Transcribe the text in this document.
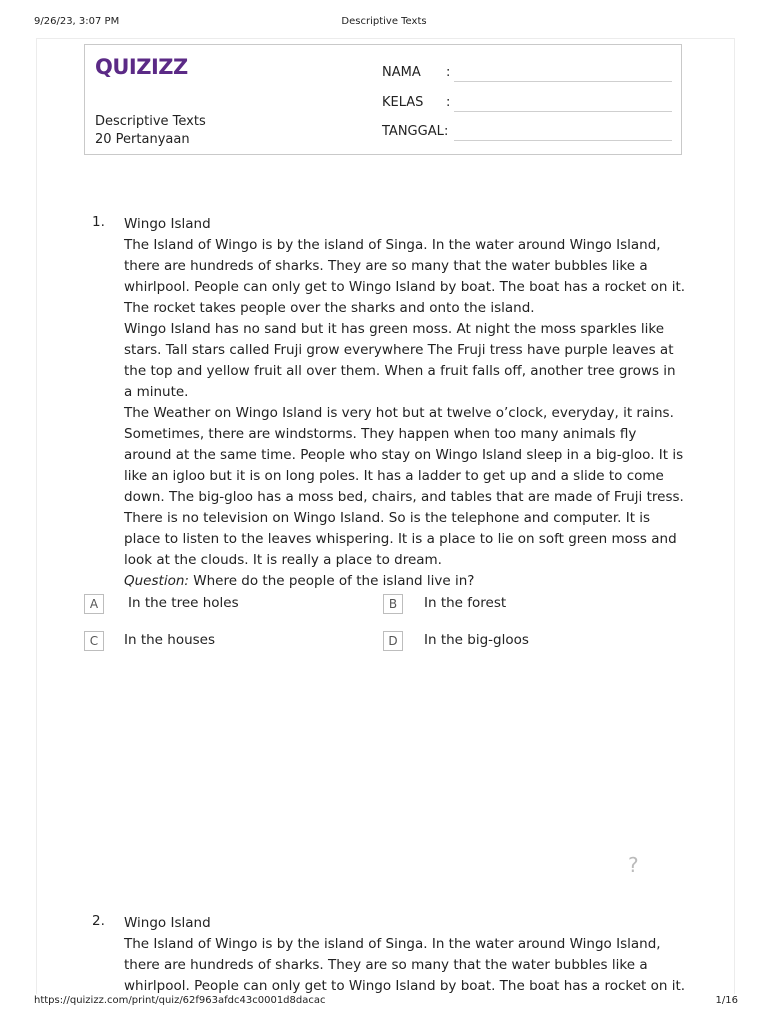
9/26/23, 3:07 PM	Descriptive Texts
QUIZIZZ
Descriptive Texts
20 Pertanyaan
NAMA :
KELAS :
TANGGAL :
1. Wingo Island

The Island of Wingo is by the island of Singa. In the water around Wingo Island, there are hundreds of sharks. They are so many that the water bubbles like a whirlpool. People can only get to Wingo Island by boat. The boat has a rocket on it. The rocket takes people over the sharks and onto the island.

Wingo Island has no sand but it has green moss. At night the moss sparkles like stars. Tall stars called Fruji grow everywhere The Fruji tress have purple leaves at the top and yellow fruit all over them. When a fruit falls off, another tree grows in a minute.

The Weather on Wingo Island is very hot but at twelve o’clock, everyday, it rains. Sometimes, there are windstorms. They happen when too many animals fly around at the same time. People who stay on Wingo Island sleep in a big-gloo. It is like an igloo but it is on long poles. It has a ladder to get up and a slide to come down. The big-gloo has a moss bed, chairs, and tables that are made of Fruji tress.

There is no television on Wingo Island. So is the telephone and computer. It is place to listen to the leaves whispering. It is a place to lie on soft green moss and look at the clouds. It is really a place to dream.

Question: Where do the people of the island live in?

A	In the tree holes	B	In the forest
C	In the houses	D	In the big-gloos
?
2. Wingo Island

The Island of Wingo is by the island of Singa. In the water around Wingo Island, there are hundreds of sharks. They are so many that the water bubbles like a whirlpool. People can only get to Wingo Island by boat. The boat has a rocket on it.

https://quizizz.com/print/quiz/62f963afdc43c0001d8dacac	1/16
